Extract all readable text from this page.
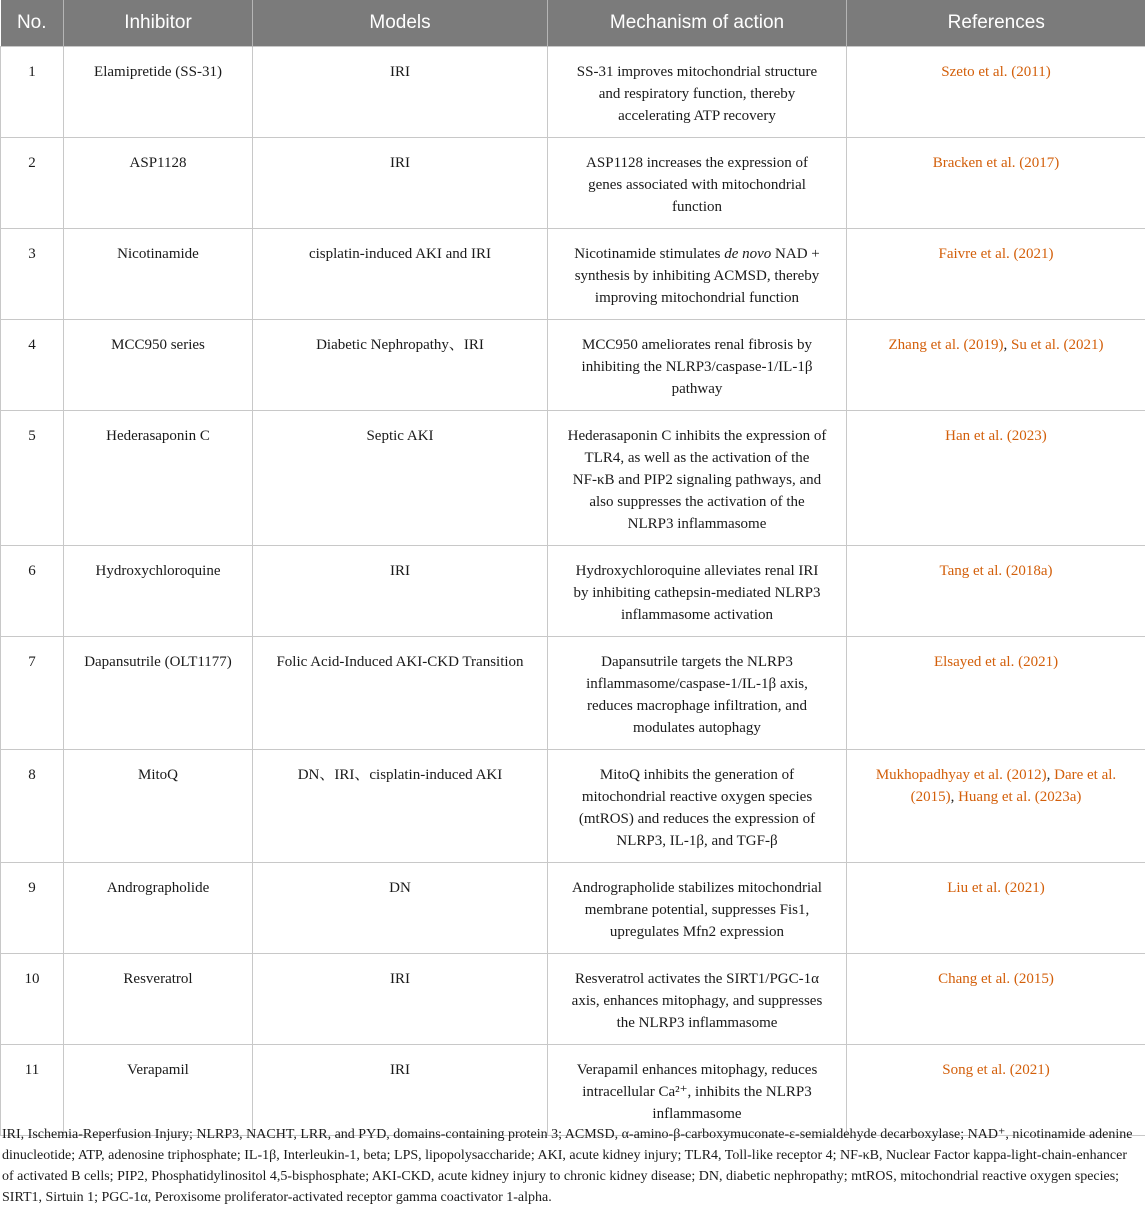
No.	Inhibitor	Models	Mechanism of action	References
1	Elamipretide (SS-31)	IRI	SS-31 improves mitochondrial structure
and respiratory function, thereby
accelerating ATP recovery	Szeto et al. (2011)
2	ASP1128	IRI	ASP1128 increases the expression of
genes associated with mitochondrial
function	Bracken et al. (2017)
3	Nicotinamide	cisplatin-induced AKI and IRI	Nicotinamide stimulates de novo NAD +
synthesis by inhibiting ACMSD, thereby
improving mitochondrial function	Faivre et al. (2021)
4	MCC950 series	Diabetic Nephropathy、IRI	MCC950 ameliorates renal fibrosis by
inhibiting the NLRP3/caspase-1/IL-1β
pathway	Zhang et al. (2019), Su et al. (2021)
5	Hederasaponin C	Septic AKI	Hederasaponin C inhibits the expression of
TLR4, as well as the activation of the
NF-κB and PIP2 signaling pathways, and
also suppresses the activation of the
NLRP3 inflammasome	Han et al. (2023)
6	Hydroxychloroquine	IRI	Hydroxychloroquine alleviates renal IRI
by inhibiting cathepsin-mediated NLRP3
inflammasome activation	Tang et al. (2018a)
7	Dapansutrile (OLT1177)	Folic Acid-Induced AKI-CKD Transition	Dapansutrile targets the NLRP3
inflammasome/caspase-1/IL-1β axis,
reduces macrophage infiltration, and
modulates autophagy	Elsayed et al. (2021)
8	MitoQ	DN、IRI、cisplatin-induced AKI	MitoQ inhibits the generation of
mitochondrial reactive oxygen species
(mtROS) and reduces the expression of
NLRP3, IL-1β, and TGF-β	Mukhopadhyay et al. (2012), Dare et al.
(2015), Huang et al. (2023a)
9	Andrographolide	DN	Andrographolide stabilizes mitochondrial
membrane potential, suppresses Fis1,
upregulates Mfn2 expression	Liu et al. (2021)
10	Resveratrol	IRI	Resveratrol activates the SIRT1/PGC-1α
axis, enhances mitophagy, and suppresses
the NLRP3 inflammasome	Chang et al. (2015)
11	Verapamil	IRI	Verapamil enhances mitophagy, reduces
intracellular Ca²⁺, inhibits the NLRP3
inflammasome	Song et al. (2021)
IRI, Ischemia-Reperfusion Injury; NLRP3, NACHT, LRR, and PYD, domains-containing protein 3; ACMSD, α-amino-β-carboxymuconate-ε-semialdehyde decarboxylase; NAD⁺, nicotinamide adenine dinucleotide; ATP, adenosine triphosphate; IL-1β, Interleukin-1, beta; LPS, lipopolysaccharide; AKI, acute kidney injury; TLR4, Toll-like receptor 4; NF-κB, Nuclear Factor kappa-light-chain-enhancer of activated B cells; PIP2, Phosphatidylinositol 4,5-bisphosphate; AKI-CKD, acute kidney injury to chronic kidney disease; DN, diabetic nephropathy; mtROS, mitochondrial reactive oxygen species; SIRT1, Sirtuin 1; PGC-1α, Peroxisome proliferator-activated receptor gamma coactivator 1-alpha.
